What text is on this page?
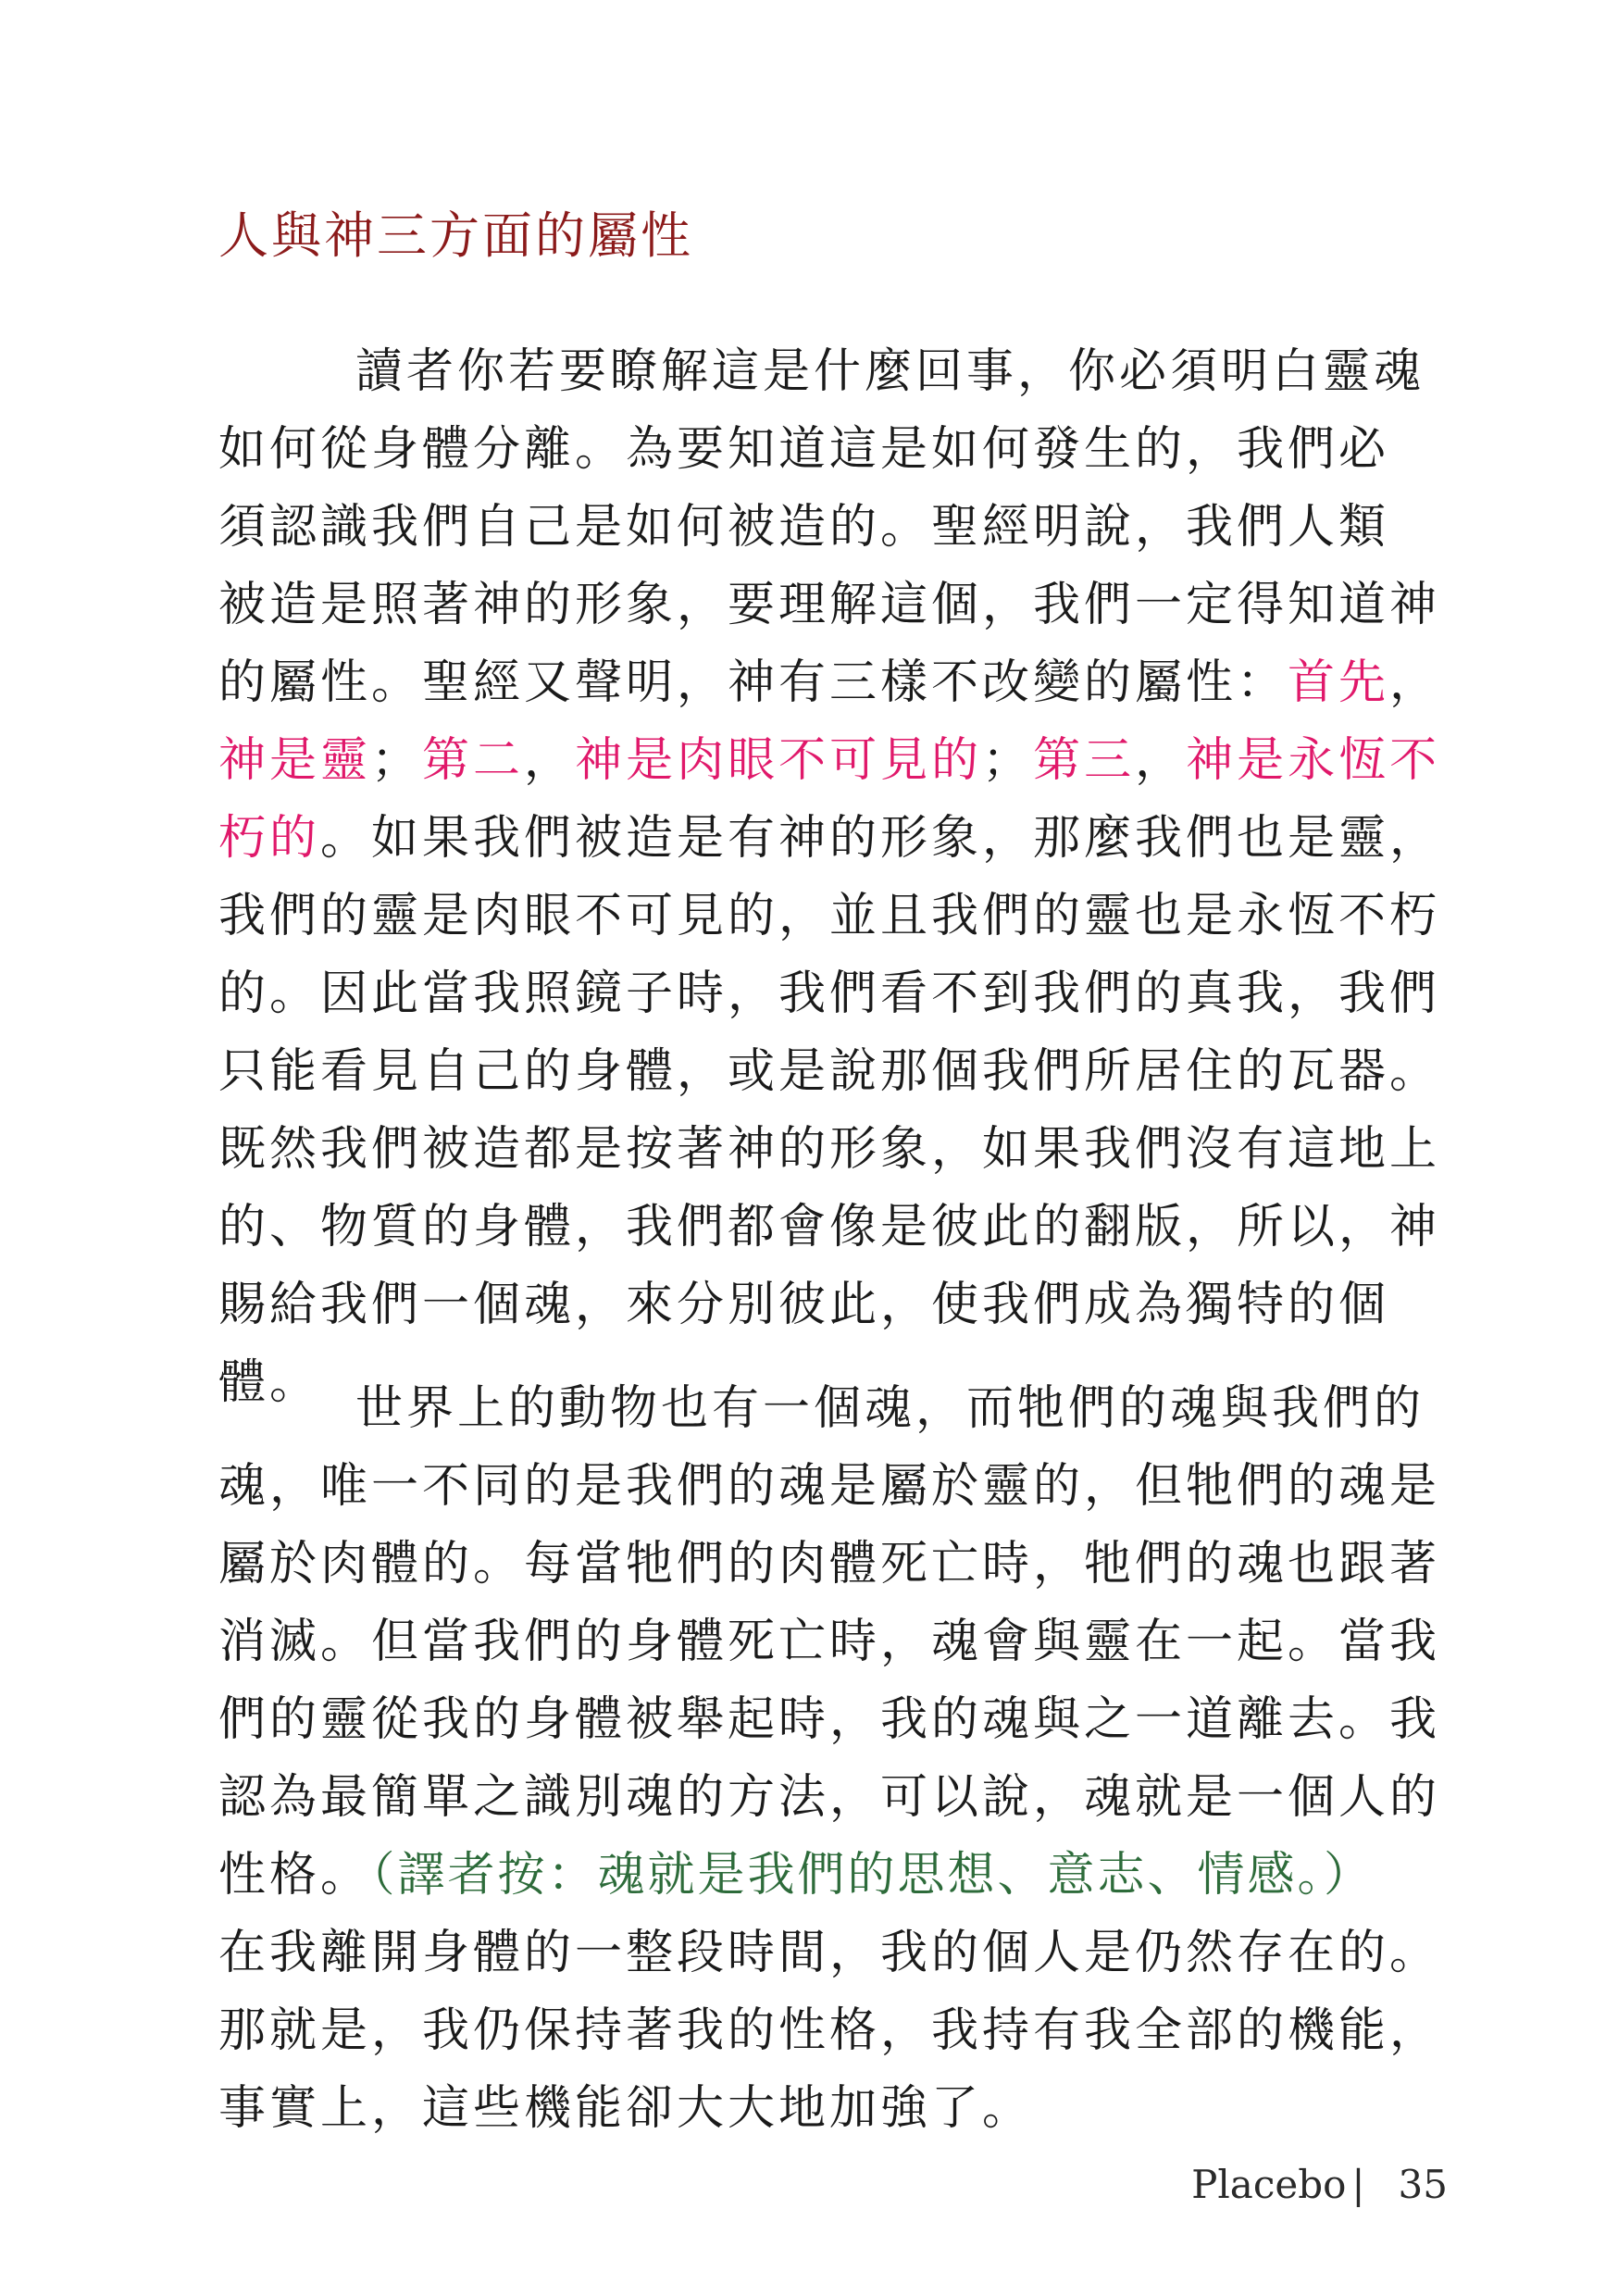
人與神三方面的屬性
讀者你若要瞭解這是什麼回事，你必須明白靈魂
如何從身體分離。為要知道這是如何發生的，我們必
須認識我們自己是如何被造的。聖經明說，我們人類
被造是照著神的形象，要理解這個，我們一定得知道神
的屬性。聖經又聲明，神有三樣不改變的屬性：首先，
神是靈；第二，神是肉眼不可見的；第三，神是永恆不
朽的。如果我們被造是有神的形象，那麼我們也是靈，
我們的靈是肉眼不可見的，並且我們的靈也是永恆不朽
的。因此當我照鏡子時，我們看不到我們的真我，我們
只能看見自己的身體，或是說那個我們所居住的瓦器。
既然我們被造都是按著神的形象，如果我們沒有這地上
的、物質的身體，我們都會像是彼此的翻版，所以，神
賜給我們一個魂，來分別彼此，使我們成為獨特的個
體。 世界上的動物也有一個魂，而牠們的魂與我們的
魂，唯一不同的是我們的魂是屬於靈的，但牠們的魂是
屬於肉體的。每當牠們的肉體死亡時，牠們的魂也跟著
消滅。但當我們的身體死亡時，魂會與靈在一起。當我
們的靈從我的身體被舉起時，我的魂與之一道離去。我
認為最簡單之識別魂的方法，可以說，魂就是一個人的
性格。（譯者按：魂就是我們的思想、意志、情感。）
在我離開身體的一整段時間，我的個人是仍然存在的。
那就是，我仍保持著我的性格，我持有我全部的機能，
事實上，這些機能卻大大地加強了。
Placebo | 35
